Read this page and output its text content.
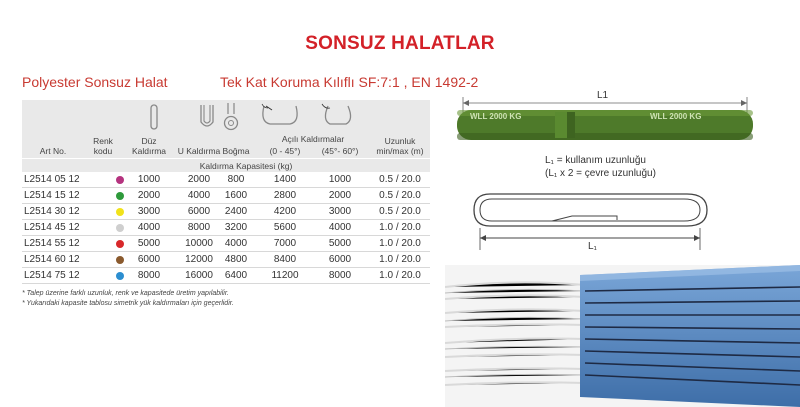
SONSUZ HALATLAR
Polyester Sonsuz Halat	Tek Kat Koruma Kılıflı SF:7:1 , EN 1492-2
Art No.
Renk kodu
Düz Kaldırma	U Kaldırma Boğma
Açılı Kaldırmalar
(0 - 45°)	(45°- 60°)
Uzunluk min/max (m)
Kaldırma Kapasitesi (kg)
L2514 05 12	1000	2000	800	1400	1000	0.5 / 20.0
L2514 15 12	2000	4000	1600	2800	2000	0.5 / 20.0
L2514 30 12	3000	6000	2400	4200	3000	0.5 / 20.0
L2514 45 12	4000	8000	3200	5600	4000	1.0 / 20.0
L2514 55 12	5000	10000	4000	7000	5000	1.0 / 20.0
L2514 60 12	6000	12000	4800	8400	6000	1.0 / 20.0
L2514 75 12	8000	16000	6400	11200	8000	1.0 / 20.0
* Talep üzerine farklı uzunluk, renk ve kapasitede üretim yapılabilir.
* Yukarıdaki kapasite tablosu simetrik yük kaldırmaları için geçerlidir.
L1
WLL 2000 KG	WLL 2000 KG
L₁ = kullanım uzunluğu
(L₁ x 2 = çevre uzunluğu)
L₁
